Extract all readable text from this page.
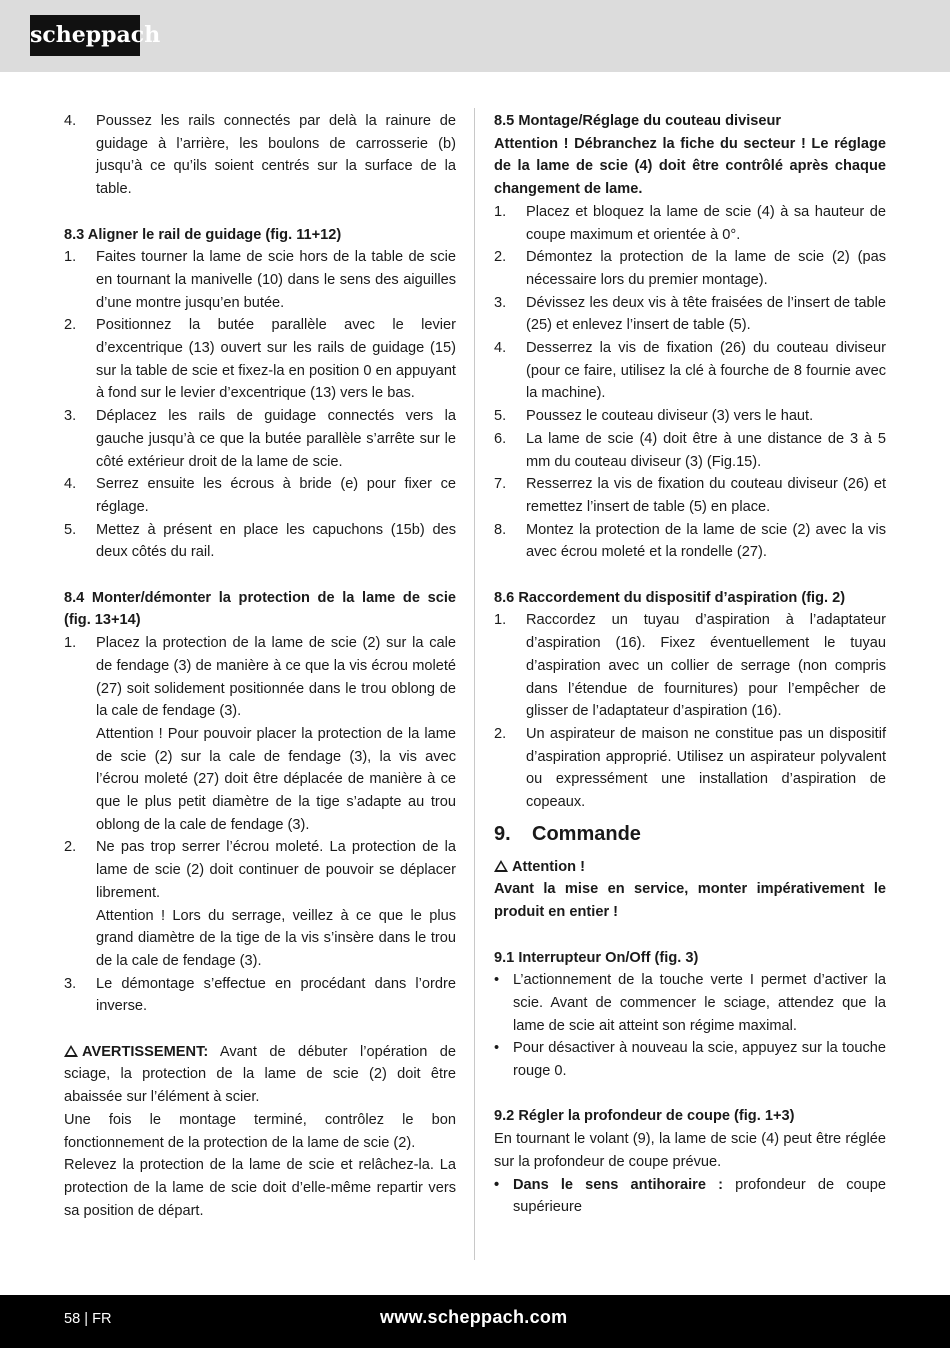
scheppach
4. Poussez les rails connectés par delà la rainure de guidage à l’arrière, les boulons de carrosserie (b) jusqu’à ce qu’ils soient centrés sur la surface de la table.

8.3 Aligner le rail de guidage (fig. 11+12)

1. Faites tourner la lame de scie hors de la table de scie en tournant la manivelle (10) dans le sens des aiguilles d’une montre jusqu’en butée.
2. Positionnez la butée parallèle avec le levier d’excentrique (13) ouvert sur les rails de guidage (15) sur la table de scie et fixez-la en position 0 en appuyant à fond sur le levier d’excentrique (13) vers le bas.
3. Déplacez les rails de guidage connectés vers la gauche jusqu’à ce que la butée parallèle s’arrête sur le côté extérieur droit de la lame de scie.
4. Serrez ensuite les écrous à bride (e) pour fixer ce réglage.
5. Mettez à présent en place les capuchons (15b) des deux côtés du rail.

8.4 Monter/démonter la protection de la lame de scie (fig. 13+14)

1. Placez la protection de la lame de scie (2) sur la cale de fendage (3) de manière à ce que la vis écrou moleté (27) soit solidement positionnée dans le trou oblong de la cale de fendage (3).
Attention ! Pour pouvoir placer la protection de la lame de scie (2) sur la cale de fendage (3), la vis avec l’écrou moleté (27) doit être déplacée de manière à ce que le plus petit diamètre de la tige s’adapte au trou oblong de la cale de fendage (3).
2. Ne pas trop serrer l’écrou moleté. La protection de la lame de scie (2) doit continuer de pouvoir se déplacer librement.
Attention ! Lors du serrage, veillez à ce que le plus grand diamètre de la tige de la vis s’insère dans le trou de la cale de fendage (3).
3. Le démontage s’effectue en procédant dans l’ordre inverse.

AVERTISSEMENT: Avant de débuter l’opération de sciage, la protection de la lame de scie (2) doit être abaissée sur l’élément à scier.

Une fois le montage terminé, contrôlez le bon fonctionnement de la protection de la lame de scie (2).

Relevez la protection de la lame de scie et relâchez-la. La protection de la lame de scie doit d’elle-même repartir vers sa position de départ.

8.5 Montage/Réglage du couteau diviseur

Attention ! Débranchez la fiche du secteur ! Le réglage de la lame de scie (4) doit être contrôlé après chaque changement de lame.

1. Placez et bloquez la lame de scie (4) à sa hauteur de coupe maximum et orientée à 0°.
2. Démontez la protection de la lame de scie (2) (pas nécessaire lors du premier montage).
3. Dévissez les deux vis à tête fraisées de l’insert de table (25) et enlevez l’insert de table (5).
4. Desserrez la vis de fixation (26) du couteau diviseur (pour ce faire, utilisez la clé à fourche de 8 fournie avec la machine).
5. Poussez le couteau diviseur (3) vers le haut.
6. La lame de scie (4) doit être à une distance de 3 à 5 mm du couteau diviseur (3) (Fig.15).
7. Resserrez la vis de fixation du couteau diviseur (26) et remettez l’insert de table (5) en place.
8. Montez la protection de la lame de scie (2) avec la vis avec écrou moleté et la rondelle (27).

8.6 Raccordement du dispositif d’aspiration (fig. 2)

1. Raccordez un tuyau d’aspiration à l’adaptateur d’aspiration (16). Fixez éventuellement le tuyau d’aspiration avec un collier de serrage (non compris dans l’étendue de fournitures) pour l’empêcher de glisser de l’adaptateur d’aspiration (16).
2. Un aspirateur de maison ne constitue pas un dispositif d’aspiration approprié. Utilisez un aspirateur polyvalent ou expressément une installation d’aspiration de copeaux.
9. Commande

Attention !

Avant la mise en service, monter impérativement le produit en entier !

9.1 Interrupteur On/Off (fig. 3)

• L’actionnement de la touche verte I permet d’activer la scie. Avant de commencer le sciage, attendez que la lame de scie ait atteint son régime maximal.
• Pour désactiver à nouveau la scie, appuyez sur la touche rouge 0.

9.2 Régler la profondeur de coupe (fig. 1+3)

En tournant le volant (9), la lame de scie (4) peut être réglée sur la profondeur de coupe prévue.

• Dans le sens antihoraire : profondeur de coupe supérieure
58 | FR	www.scheppach.com
